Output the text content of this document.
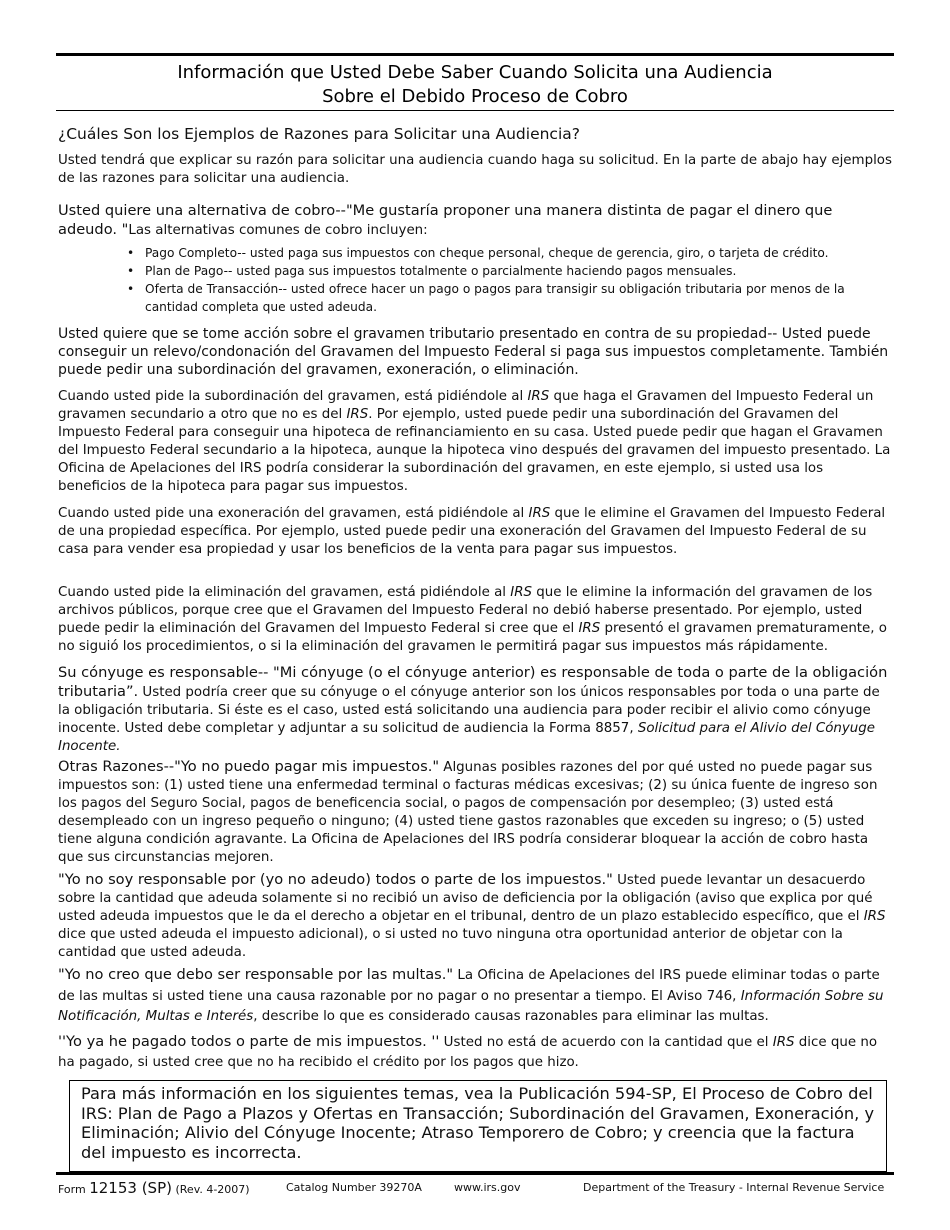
Información que Usted Debe Saber Cuando Solicita una Audiencia
Sobre el Debido Proceso de Cobro
¿Cuáles Son los Ejemplos de Razones para Solicitar una Audiencia?

Usted tendrá que explicar su razón para solicitar una audiencia cuando haga su solicitud. En la parte de abajo hay ejemplos de las razones para solicitar una audiencia.

Usted quiere una alternativa de cobro--"Me gustaría proponer una manera distinta de pagar el dinero que adeudo. "Las alternativas comunes de cobro incluyen:

• Pago Completo-- usted paga sus impuestos con cheque personal, cheque de gerencia, giro, o tarjeta de crédito.
• Plan de Pago-- usted paga sus impuestos totalmente o parcialmente haciendo pagos mensuales.
• Oferta de Transacción-- usted ofrece hacer un pago o pagos para transigir su obligación tributaria por menos de la cantidad completa que usted adeuda.

Usted quiere que se tome acción sobre el gravamen tributario presentado en contra de su propiedad-- Usted puede conseguir un relevo/condonación del Gravamen del Impuesto Federal si paga sus impuestos completamente. También puede pedir una subordinación del gravamen, exoneración, o eliminación.

Cuando usted pide la subordinación del gravamen, está pidiéndole al IRS que haga el Gravamen del Impuesto Federal un gravamen secundario a otro que no es del IRS. Por ejemplo, usted puede pedir una subordinación del Gravamen del Impuesto Federal para conseguir una hipoteca de refinanciamiento en su casa. Usted puede pedir que hagan el Gravamen del Impuesto Federal secundario a la hipoteca, aunque la hipoteca vino después del gravamen del impuesto presentado. La Oficina de Apelaciones del IRS podría considerar la subordinación del gravamen, en este ejemplo, si usted usa los beneficios de la hipoteca para pagar sus impuestos.

Cuando usted pide una exoneración del gravamen, está pidiéndole al IRS que le elimine el Gravamen del Impuesto Federal de una propiedad específica. Por ejemplo, usted puede pedir una exoneración del Gravamen del Impuesto Federal de su casa para vender esa propiedad y usar los beneficios de la venta para pagar sus impuestos.

Cuando usted pide la eliminación del gravamen, está pidiéndole al IRS que le elimine la información del gravamen de los archivos públicos, porque cree que el Gravamen del Impuesto Federal no debió haberse presentado. Por ejemplo, usted puede pedir la eliminación del Gravamen del Impuesto Federal si cree que el IRS presentó el gravamen prematuramente, o no siguió los procedimientos, o si la eliminación del gravamen le permitirá pagar sus impuestos más rápidamente.

Su cónyuge es responsable-- "Mi cónyuge (o el cónyuge anterior) es responsable de toda o parte de la obligación tributaria”. Usted podría creer que su cónyuge o el cónyuge anterior son los únicos responsables por toda o una parte de la obligación tributaria. Si éste es el caso, usted está solicitando una audiencia para poder recibir el alivio como cónyuge inocente. Usted debe completar y adjuntar a su solicitud de audiencia la Forma 8857, Solicitud para el Alivio del Cónyuge Inocente.

Otras Razones--"Yo no puedo pagar mis impuestos." Algunas posibles razones del por qué usted no puede pagar sus impuestos son: (1) usted tiene una enfermedad terminal o facturas médicas excesivas; (2) su única fuente de ingreso son los pagos del Seguro Social, pagos de beneficencia social, o pagos de compensación por desempleo; (3) usted está desempleado con un ingreso pequeño o ninguno; (4) usted tiene gastos razonables que exceden su ingreso; o (5) usted tiene alguna condición agravante. La Oficina de Apelaciones del IRS podría considerar bloquear la acción de cobro hasta que sus circunstancias mejoren.

"Yo no soy responsable por (yo no adeudo) todos o parte de los impuestos." Usted puede levantar un desacuerdo sobre la cantidad que adeuda solamente si no recibió un aviso de deficiencia por la obligación (aviso que explica por qué usted adeuda impuestos que le da el derecho a objetar en el tribunal, dentro de un plazo establecido específico, que el IRS dice que usted adeuda el impuesto adicional), o si usted no tuvo ninguna otra oportunidad anterior de objetar con la cantidad que usted adeuda.

"Yo no creo que debo ser responsable por las multas." La Oficina de Apelaciones del IRS puede eliminar todas o parte de las multas si usted tiene una causa razonable por no pagar o no presentar a tiempo. El Aviso 746, Información Sobre su Notificación, Multas e Interés, describe lo que es considerado causas razonables para eliminar las multas.

''Yo ya he pagado todos o parte de mis impuestos. '' Usted no está de acuerdo con la cantidad que el IRS dice que no ha pagado, si usted cree que no ha recibido el crédito por los pagos que hizo.

Para más información en los siguientes temas, vea la Publicación 594-SP, El Proceso de Cobro del IRS: Plan de Pago a Plazos y Ofertas en Transacción; Subordinación del Gravamen, Exoneración, y Eliminación; Alivio del Cónyuge Inocente; Atraso Temporero de Cobro; y creencia que la factura del impuesto es incorrecta.
Form 12153 (SP) (Rev. 4-2007)	Catalog Number 39270A	www.irs.gov	Department of the Treasury - Internal Revenue Service
